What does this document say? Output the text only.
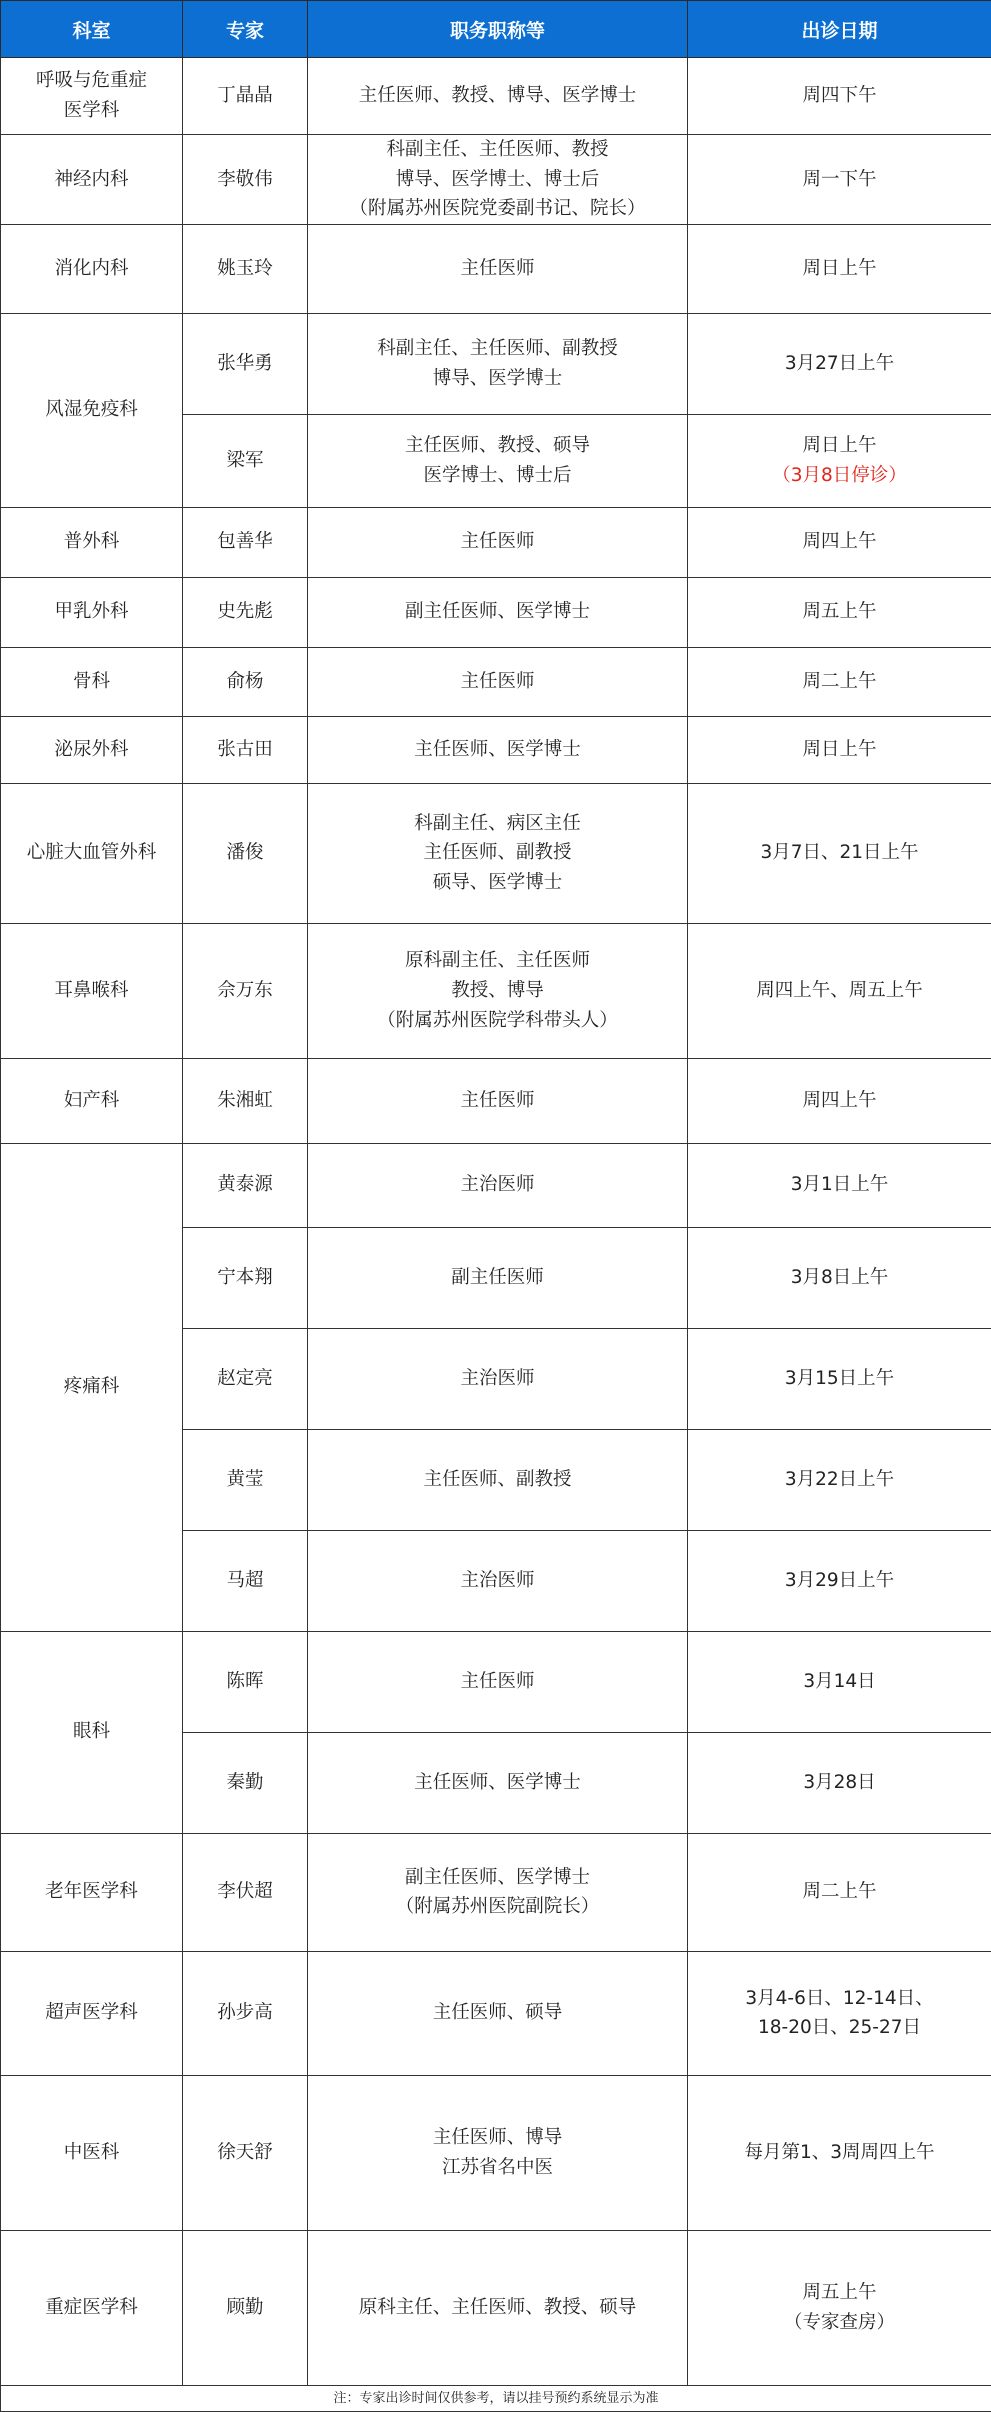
科室	专家	职务职称等	出诊日期

呼吸与危重症
医学科	丁晶晶	主任医师、教授、博导、医学博士	周四下午

神经内科	李敬伟	科副主任、主任医师、教授
博导、医学博士、博士后
（附属苏州医院党委副书记、院长）	周一下午

消化内科	姚玉玲	主任医师	周日上午

风湿免疫科	张华勇	科副主任、主任医师、副教授
博导、医学博士	3月27日上午

	梁军	主任医师、教授、硕导
医学博士、博士后	周日上午
（3月8日停诊）

普外科	包善华	主任医师	周四上午

甲乳外科	史先彪	副主任医师、医学博士	周五上午

骨科	俞杨	主任医师	周二上午

泌尿外科	张古田	主任医师、医学博士	周日上午

心脏大血管外科	潘俊	科副主任、病区主任
主任医师、副教授
硕导、医学博士	3月7日、21日上午

耳鼻喉科	佘万东	原科副主任、主任医师
教授、博导
（附属苏州医院学科带头人）	周四上午、周五上午

妇产科	朱湘虹	主任医师	周四上午

疼痛科	黄泰源	主治医师	3月1日上午

	宁本翔	副主任医师	3月8日上午

	赵定亮	主治医师	3月15日上午

	黄莹	主任医师、副教授	3月22日上午

	马超	主治医师	3月29日上午

眼科	陈晖	主任医师	3月14日

	秦勤	主任医师、医学博士	3月28日

老年医学科	李伏超	副主任医师、医学博士
（附属苏州医院副院长）	周二上午

超声医学科	孙步高	主任医师、硕导	3月4-6日、12-14日、
18-20日、25-27日

中医科	徐天舒	主任医师、博导
江苏省名中医	每月第1、3周周四上午

重症医学科	顾勤	原科主任、主任医师、教授、硕导	周五上午
（专家查房）

注：专家出诊时间仅供参考，请以挂号预约系统显示为准			
